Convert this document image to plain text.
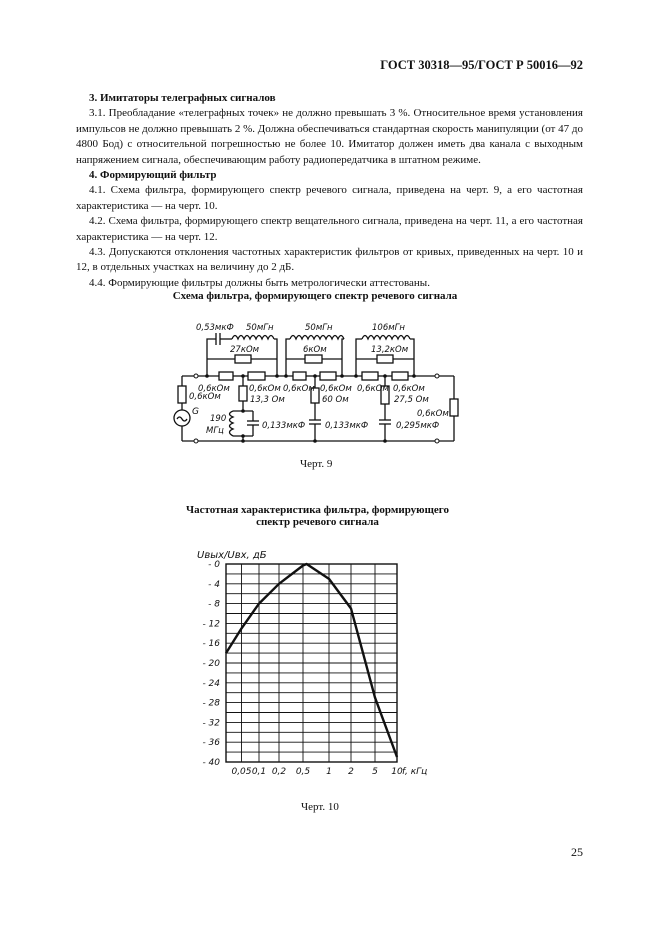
ГОСТ 30318—95/ГОСТ Р 50016—92

3. Имитаторы телеграфных сигналов

3.1. Преобладание «телеграфных точек» не должно превышать 3 %. Относительное время установления импульсов не должно превышать 2 %. Должна обеспечиваться стандартная скорость манипуляции (от 47 до 4800 Бод) с относительной погрешностью не более 10. Имитатор должен иметь два канала с выходным напряжением сигнала, обеспечивающим работу радиопередатчика в штатном режиме.

4. Формирующий фильтр

4.1. Схема фильтра, формирующего спектр речевого сигнала, приведена на черт. 9, а его частотная характеристика — на черт. 10.

4.2. Схема фильтра, формирующего спектр вещательного сигнала, приведена на черт. 11, а его частотная характеристика — на черт. 12.

4.3. Допускаются отклонения частотных характеристик фильтров от кривых, приведенных на черт. 10 и 12, в отдельных участках на величину до 2 дБ.

4.4. Формирующие фильтры должны быть метрологически аттестованы.

Схема фильтра, формирующего спектр речевого сигнала
0,53мкФ 50мГн
27кОм
50мГн
6кОм
106мГн
13,2кОм
0,6кОм 0,6кОм 0,6кОм 0,6кОм 0,6кОм 0,6кОм
0,6кОм
0,6кОм
13,3 Ом	60 Ом	27,5 Ом
G
190
МГц	0,133мкФ 0,133мкФ	0,295мкФ
Uвых/Uвх, дБ
0,05 0,1 0,2 0,5 1 2 5 10 f, кГц
- 0
- 4
- 8
- 12
- 16
- 20
- 24
- 28
- 32
- 36
- 40
Черт. 9
Частотная характеристика фильтра, формирующего
спектр речевого сигнала
Черт. 10
25
